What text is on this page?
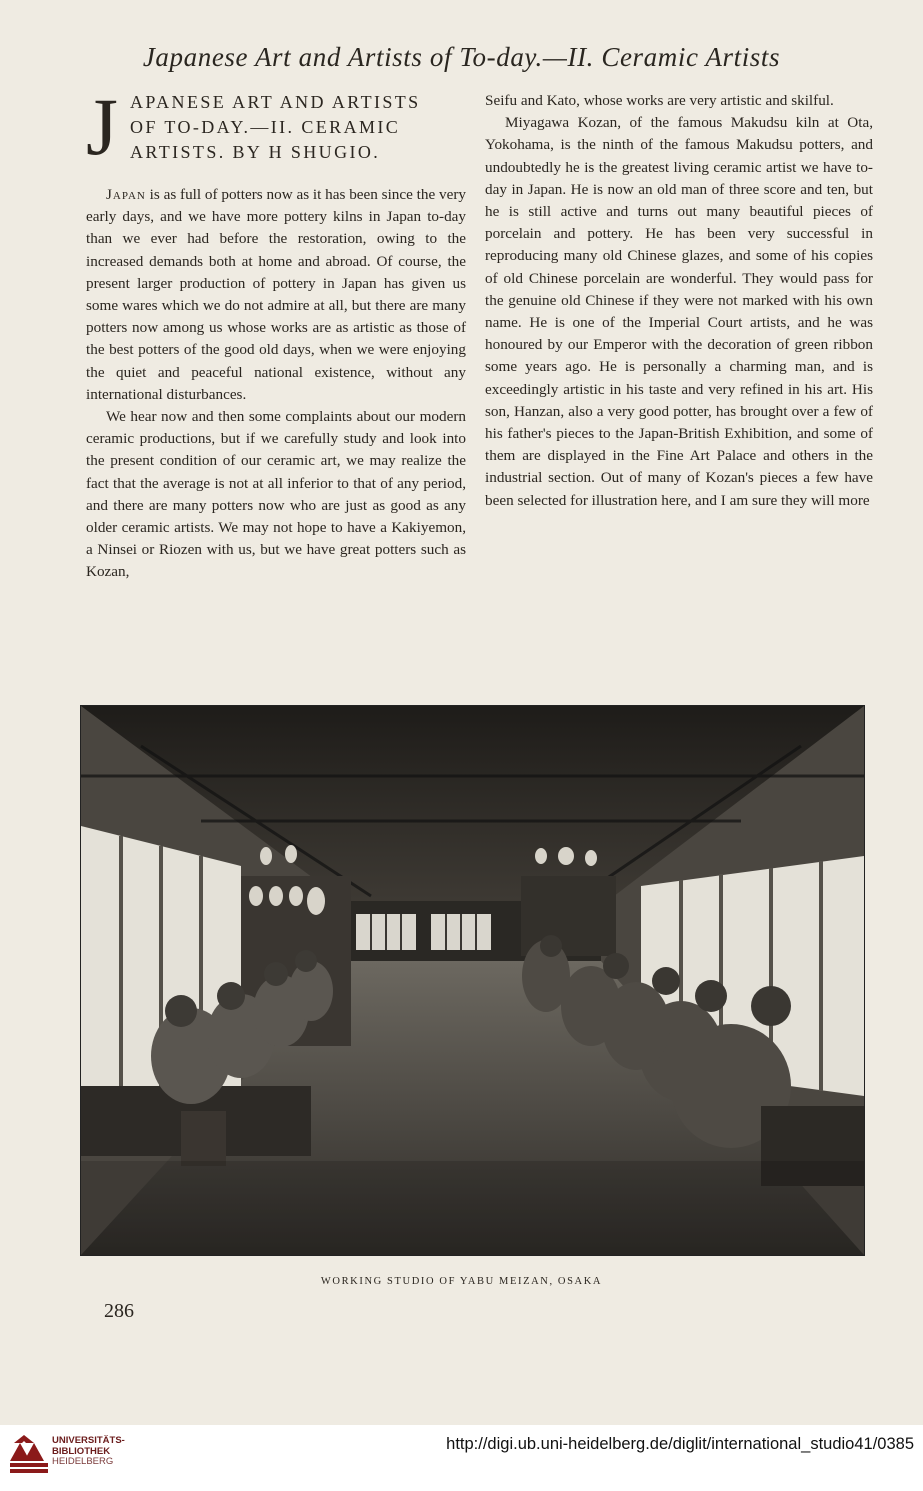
Japanese Art and Artists of To-day.—II. Ceramic Artists
J APANESE ART AND ARTISTS
OF TO-DAY.—II. CERAMIC
ARTISTS. BY H SHUGIO.

Japan is as full of potters now as it has been since the very early days, and we have more pottery kilns in Japan to-day than we ever had before the restoration, owing to the increased demands both at home and abroad. Of course, the present larger production of pottery in Japan has given us some wares which we do not admire at all, but there are many potters now among us whose works are as artistic as those of the best potters of the good old days, when we were enjoying the quiet and peaceful national existence, without any international disturbances.

We hear now and then some complaints about our modern ceramic productions, but if we carefully study and look into the present condition of our ceramic art, we may realize the fact that the average is not at all inferior to that of any period, and there are many potters now who are just as good as any older ceramic artists. We may not hope to have a Kakiyemon, a Ninsei or Riozen with us, but we have great potters such as Kozan,

Seifu and Kato, whose works are very artistic and skilful.

Miyagawa Kozan, of the famous Makudsu kiln at Ota, Yokohama, is the ninth of the famous Makudsu potters, and undoubtedly he is the greatest living ceramic artist we have to-day in Japan. He is now an old man of three score and ten, but he is still active and turns out many beautiful pieces of porcelain and pottery. He has been very successful in reproducing many old Chinese glazes, and some of his copies of old Chinese porcelain are wonderful. They would pass for the genuine old Chinese if they were not marked with his own name. He is one of the Imperial Court artists, and he was honoured by our Emperor with the decoration of green ribbon some years ago. He is personally a charming man, and is exceedingly artistic in his taste and very refined in his art. His son, Hanzan, also a very good potter, has brought over a few of his father's pieces to the Japan-British Exhibition, and some of them are displayed in the Fine Art Palace and others in the industrial section. Out of many of Kozan's pieces a few have been selected for illustration here, and I am sure they will more

WORKING STUDIO OF YABU MEIZAN, OSAKA
286
UNIVERSITÄTS-
BIBLIOTHEK
HEIDELBERG
http://digi.ub.uni-heidelberg.de/diglit/international_studio41/0385
